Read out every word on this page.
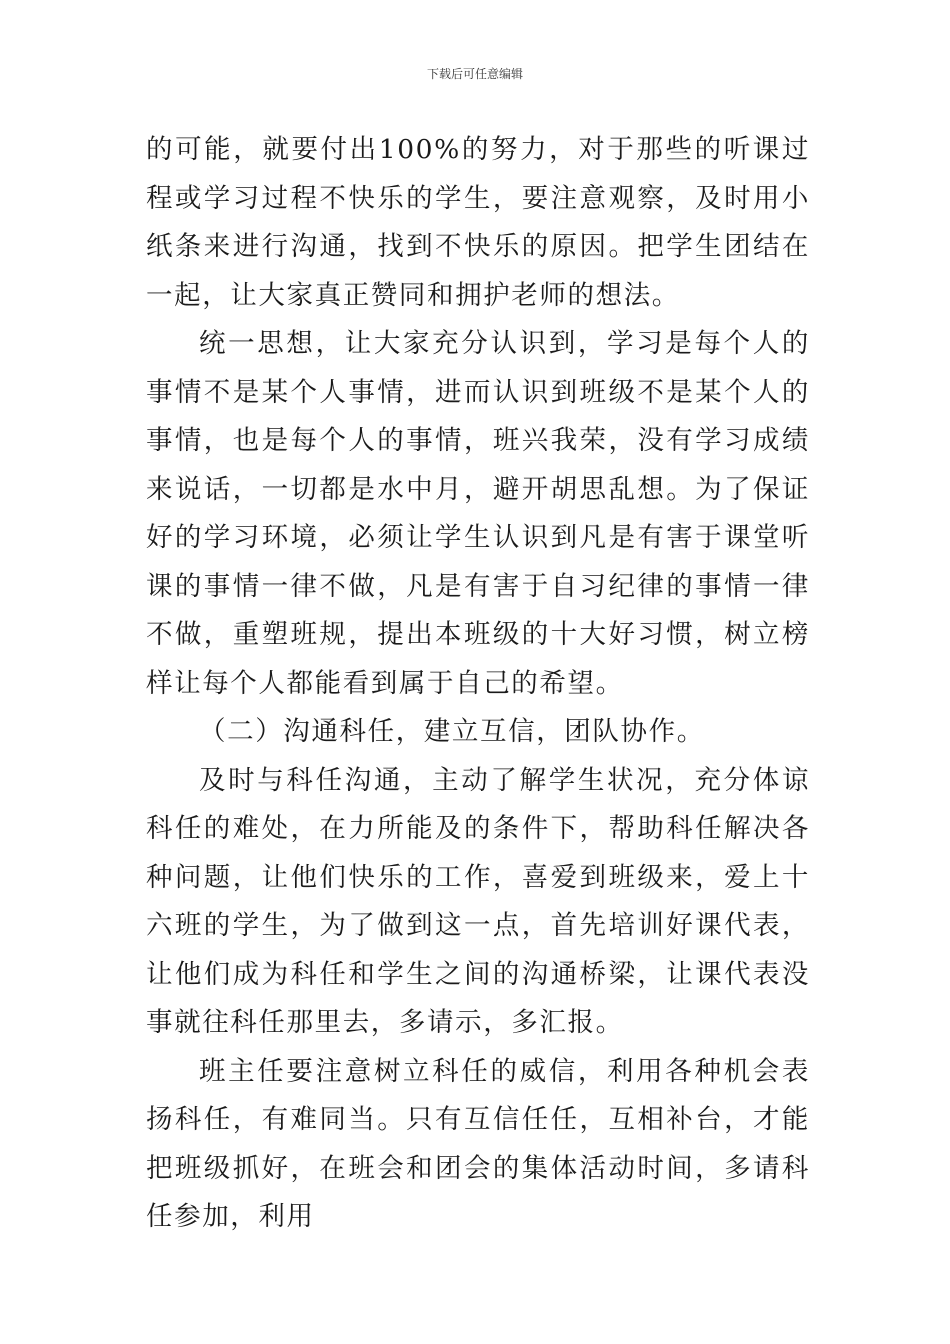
下载后可任意编辑

的可能，就要付出100%的努力，对于那些的听课过程或学习过程不快乐的学生，要注意观察，及时用小纸条来进行沟通，找到不快乐的原因。把学生团结在一起，让大家真正赞同和拥护老师的想法。

统一思想，让大家充分认识到，学习是每个人的事情不是某个人事情，进而认识到班级不是某个人的事情，也是每个人的事情，班兴我荣，没有学习成绩来说话，一切都是水中月，避开胡思乱想。为了保证好的学习环境，必须让学生认识到凡是有害于课堂听课的事情一律不做，凡是有害于自习纪律的事情一律不做，重塑班规，提出本班级的十大好习惯，树立榜样让每个人都能看到属于自己的希望。

（二）沟通科任，建立互信，团队协作。

及时与科任沟通，主动了解学生状况，充分体谅科任的难处，在力所能及的条件下，帮助科任解决各种问题，让他们快乐的工作，喜爱到班级来，爱上十六班的学生，为了做到这一点，首先培训好课代表，让他们成为科任和学生之间的沟通桥梁，让课代表没事就往科任那里去，多请示，多汇报。

班主任要注意树立科任的威信，利用各种机会表扬科任，有难同当。只有互信任任，互相补台，才能把班级抓好，在班会和团会的集体活动时间，多请科任参加，利用
